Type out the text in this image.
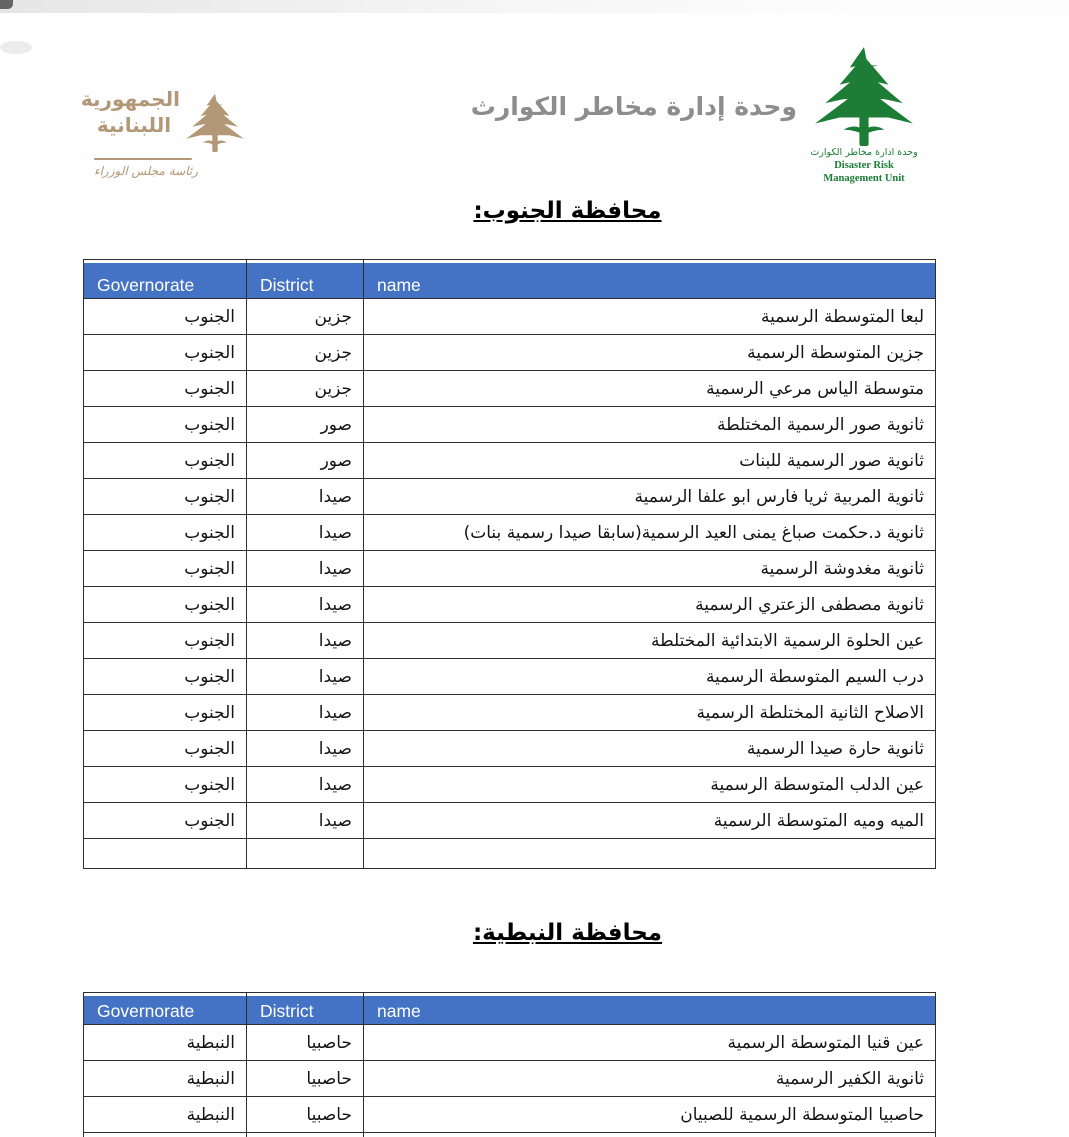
الجمهورية
اللبنانية
رئاسة مجلس الوزراء
وحدة إدارة مخاطر الكوارث
وحدة ادارة مخاطر الكوارث
Disaster Risk Management Unit
محافظة الجنوب:
Governorate	District	name
الجنوب	جزين	لبعا المتوسطة الرسمية
الجنوب	جزين	جزين المتوسطة الرسمية
الجنوب	جزين	متوسطة الياس مرعي الرسمية
الجنوب	صور	ثانوية صور الرسمية المختلطة
الجنوب	صور	ثانوية صور الرسمية للبنات
الجنوب	صيدا	ثانوية المربية ثريا فارس ابو علفا الرسمية
الجنوب	صيدا	ثانوية د.حكمت صباغ يمنى العيد الرسمية(سابقا صيدا رسمية بنات)
الجنوب	صيدا	ثانوية مغدوشة الرسمية
الجنوب	صيدا	ثانوية مصطفى الزعتري الرسمية
الجنوب	صيدا	عين الحلوة الرسمية الابتدائية المختلطة
الجنوب	صيدا	درب السيم المتوسطة الرسمية
الجنوب	صيدا	الاصلاح الثانية المختلطة الرسمية
الجنوب	صيدا	ثانوية حارة صيدا الرسمية
الجنوب	صيدا	عين الدلب المتوسطة الرسمية
الجنوب	صيدا	الميه وميه المتوسطة الرسمية

محافظة النبطية:
Governorate	District	name
النبطية	حاصبيا	عين قنيا المتوسطة الرسمية
النبطية	حاصبيا	ثانوية الكفير الرسمية
النبطية	حاصبيا	حاصبيا المتوسطة الرسمية للصبيان
